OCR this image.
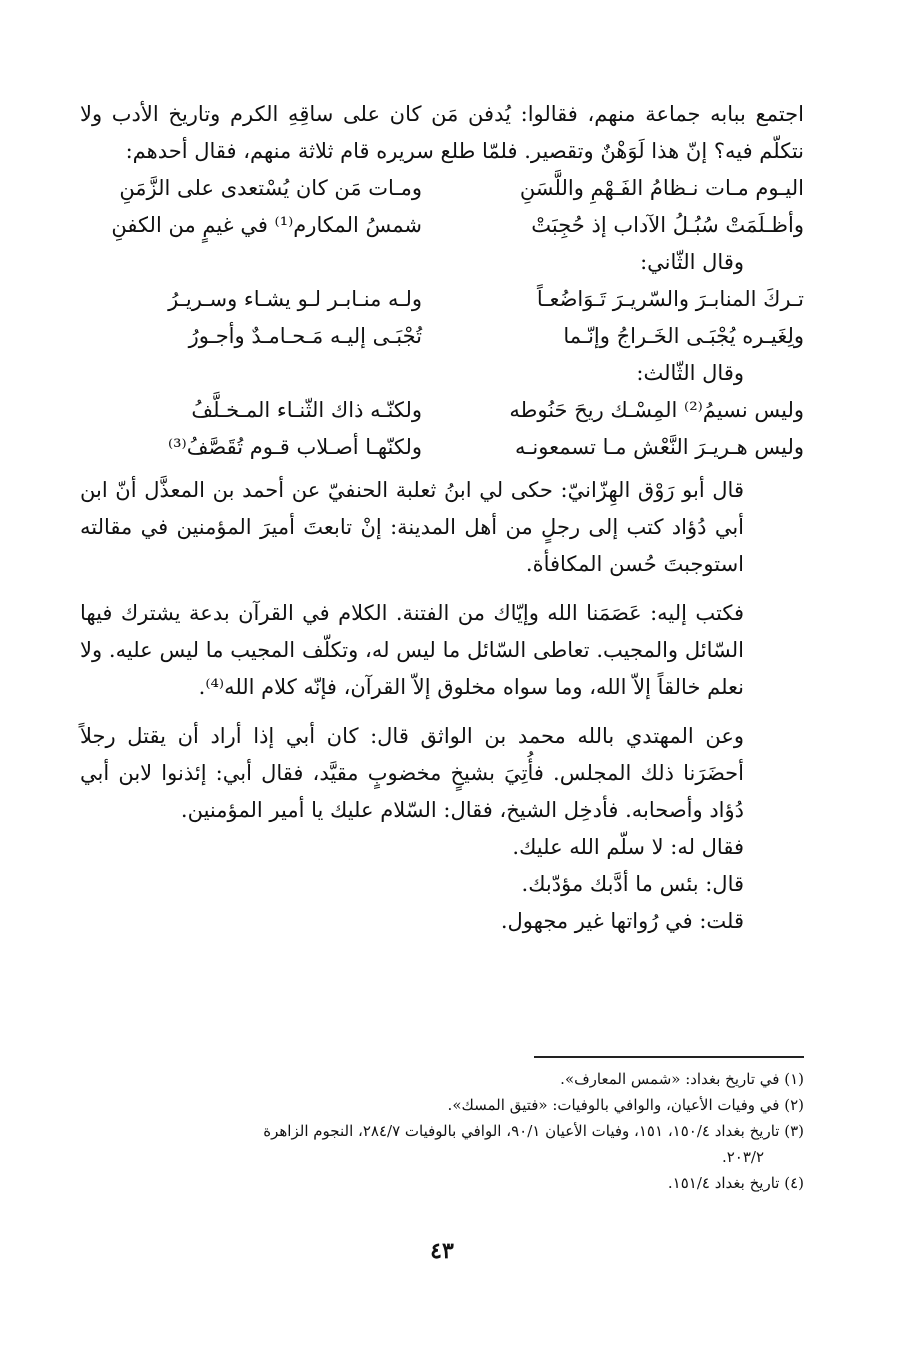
اجتمع ببابه جماعة منهم، فقالوا: يُدفن مَن كان على ساقِهِ الكرم وتاريخ الأدب ولا نتكلّم فيه؟ إنّ هذا لَوَهْنٌ وتقصير. فلمّا طلع سريره قام ثلاثة منهم، فقال أحدهم:

اليـوم مـات نـظامُ الفَـهْمِ واللَّسَنِ
ومـات مَن كان يُسْتعدى على الزَّمَنِ
وأظـلَمَتْ سُبُـلُ الآداب إذ حُجِبَتْ
شمسُ المكارم⁽¹⁾ في غيمٍ من الكفنِ
وقال الثّاني:
تـركَ المنابـرَ والسّريـرَ تَـوَاضُعـاً
ولـه منـابـر لـو يشـاء وسـريـرُ
ولِغَيـره يُجْبَـى الخَـراجُ وإنّـما
تُجْبَـى إليـه مَـحـامـدٌ وأجـورُ
وقال الثّالث:
وليس نسيمُ⁽²⁾ المِسْـك ريحَ حَنُوطه
ولكنّـه ذاك الثّنـاء المـخـلَّفُ
وليس هـريـرَ النَّعْش مـا تسمعونـه
ولكنّهـا أصـلاب قـوم تُقَصَّفُ⁽³⁾

قال أبو رَوْق الهِزّانيّ: حكى لي ابنُ ثعلبة الحنفيّ عن أحمد بن المعذَّل أنّ ابن أبي دُؤاد كتب إلى رجلٍ من أهل المدينة: إنْ تابعتَ أميرَ المؤمنين في مقالته استوجبتَ حُسن المكافأة.

فكتب إليه: عَصَمَنا الله وإيّاك من الفتنة. الكلام في القرآن بدعة يشترك فيها السّائل والمجيب. تعاطى السّائل ما ليس له، وتكلّف المجيب ما ليس عليه. ولا نعلم خالقاً إلاّ الله، وما سواه مخلوق إلاّ القرآن، فإنّه كلام الله⁽⁴⁾.

وعن المهتدي بالله محمد بن الواثق قال: كان أبي إذا أراد أن يقتل رجلاً أحضَرَنا ذلك المجلس. فأُتِيَ بشيخٍ مخضوبٍ مقيَّد، فقال أبي: إئذنوا لابن أبي دُؤاد وأصحابه. فأدخِل الشيخ، فقال: السّلام عليك يا أمير المؤمنين.

فقال له: لا سلّم الله عليك.
قال: بئس ما أدَّبك مؤدّبك.
قلت: في رُواتها غير مجهول.

(١) في تاريخ بغداد: «شمس المعارف».

(٢) في وفيات الأعيان، والوافي بالوفيات: «فتيق المسك».

(٣) تاريخ بغداد ١٥٠/٤، ١٥١، وفيات الأعيان ٩٠/١، الوافي بالوفيات ٢٨٤/٧، النجوم الزاهرة

٢٠٣/٢.

(٤) تاريخ بغداد ١٥١/٤.

٤٣
